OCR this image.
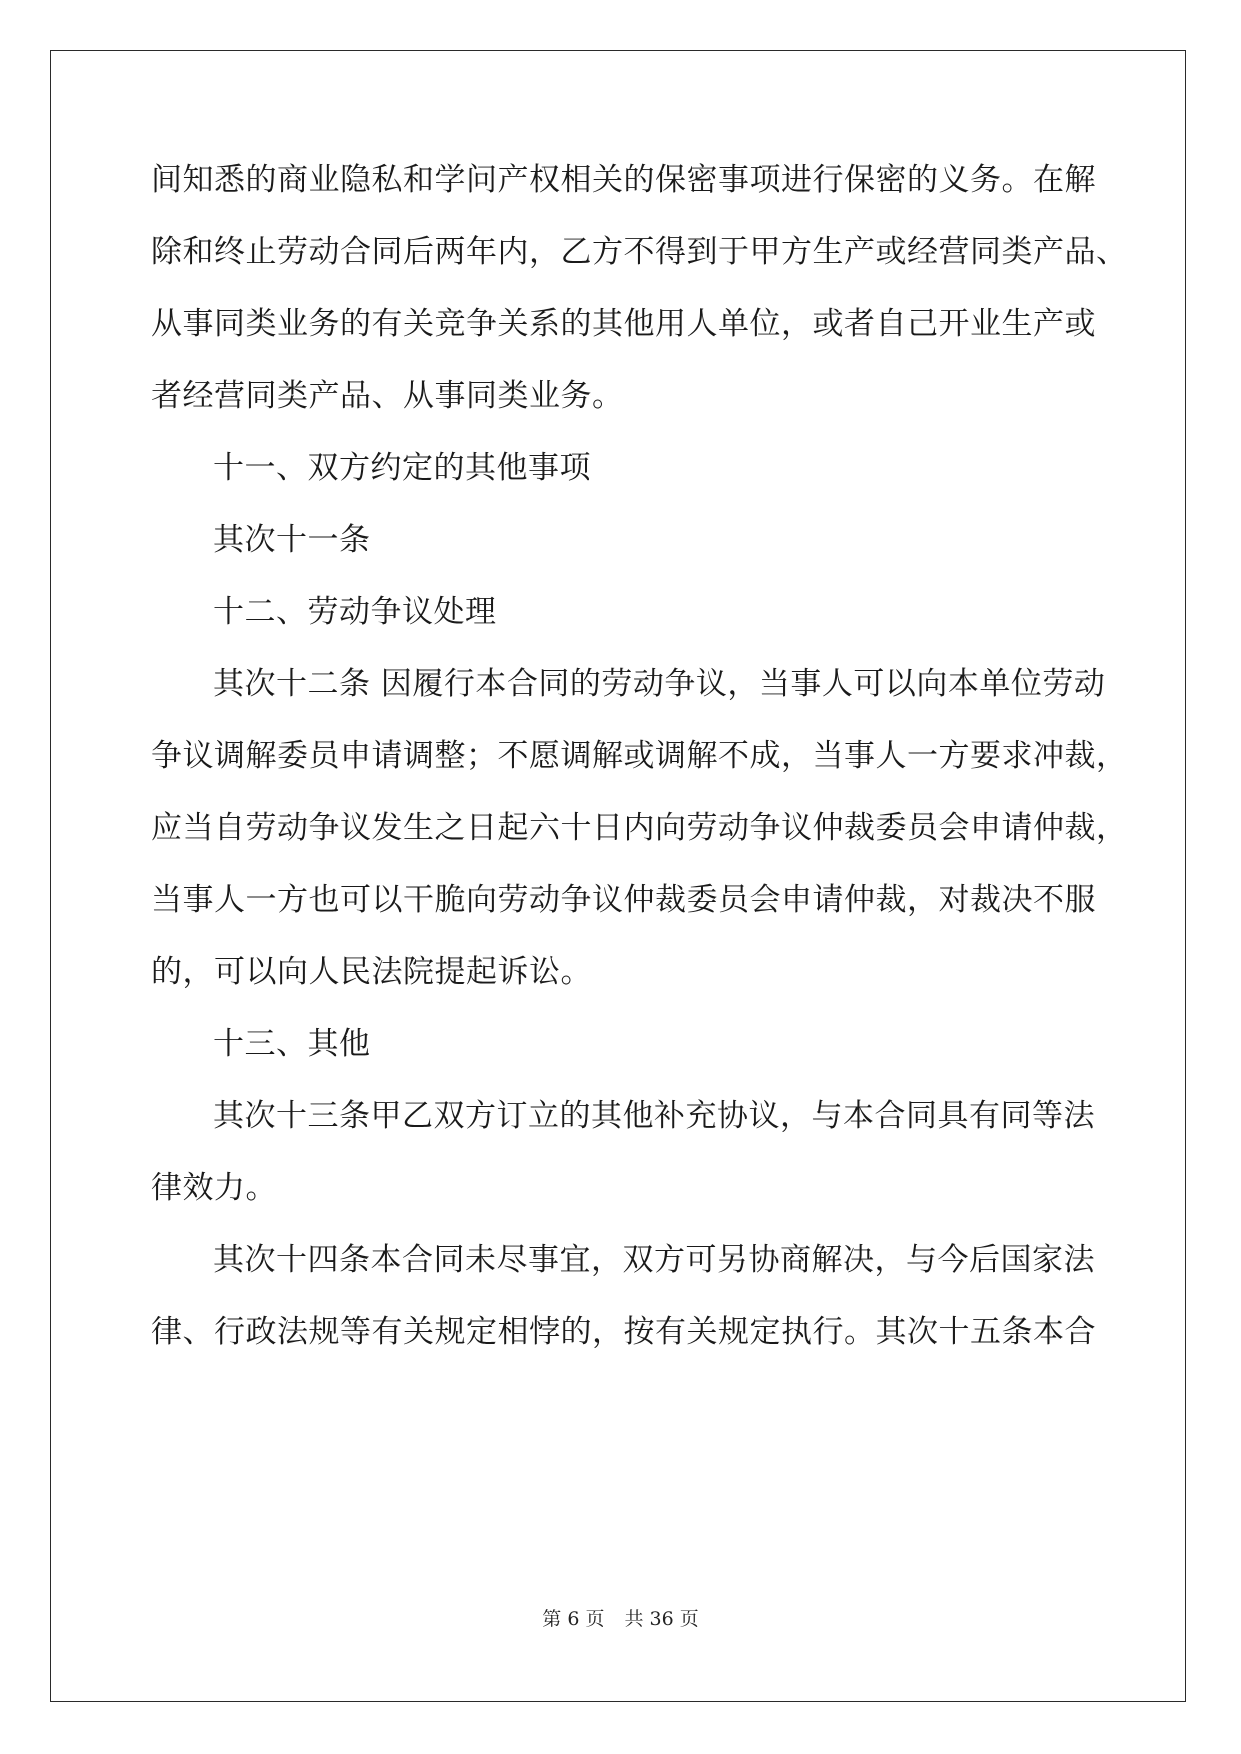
间知悉的商业隐私和学问产权相关的保密事项进行保密的义务。在解
除和终止劳动合同后两年内，乙方不得到于甲方生产或经营同类产品、
从事同类业务的有关竞争关系的其他用人单位，或者自己开业生产或
者经营同类产品、从事同类业务。
十一、双方约定的其他事项
其次十一条
十二、劳动争议处理
其次十二条 因履行本合同的劳动争议，当事人可以向本单位劳动
争议调解委员申请调整；不愿调解或调解不成，当事人一方要求冲裁，
应当自劳动争议发生之日起六十日内向劳动争议仲裁委员会申请仲裁，
当事人一方也可以干脆向劳动争议仲裁委员会申请仲裁，对裁决不服
的，可以向人民法院提起诉讼。
十三、其他
其次十三条甲乙双方订立的其他补充协议，与本合同具有同等法
律效力。
其次十四条本合同未尽事宜，双方可另协商解决，与今后国家法
律、行政法规等有关规定相悖的，按有关规定执行。其次十五条本合
第 6 页 共 36 页
